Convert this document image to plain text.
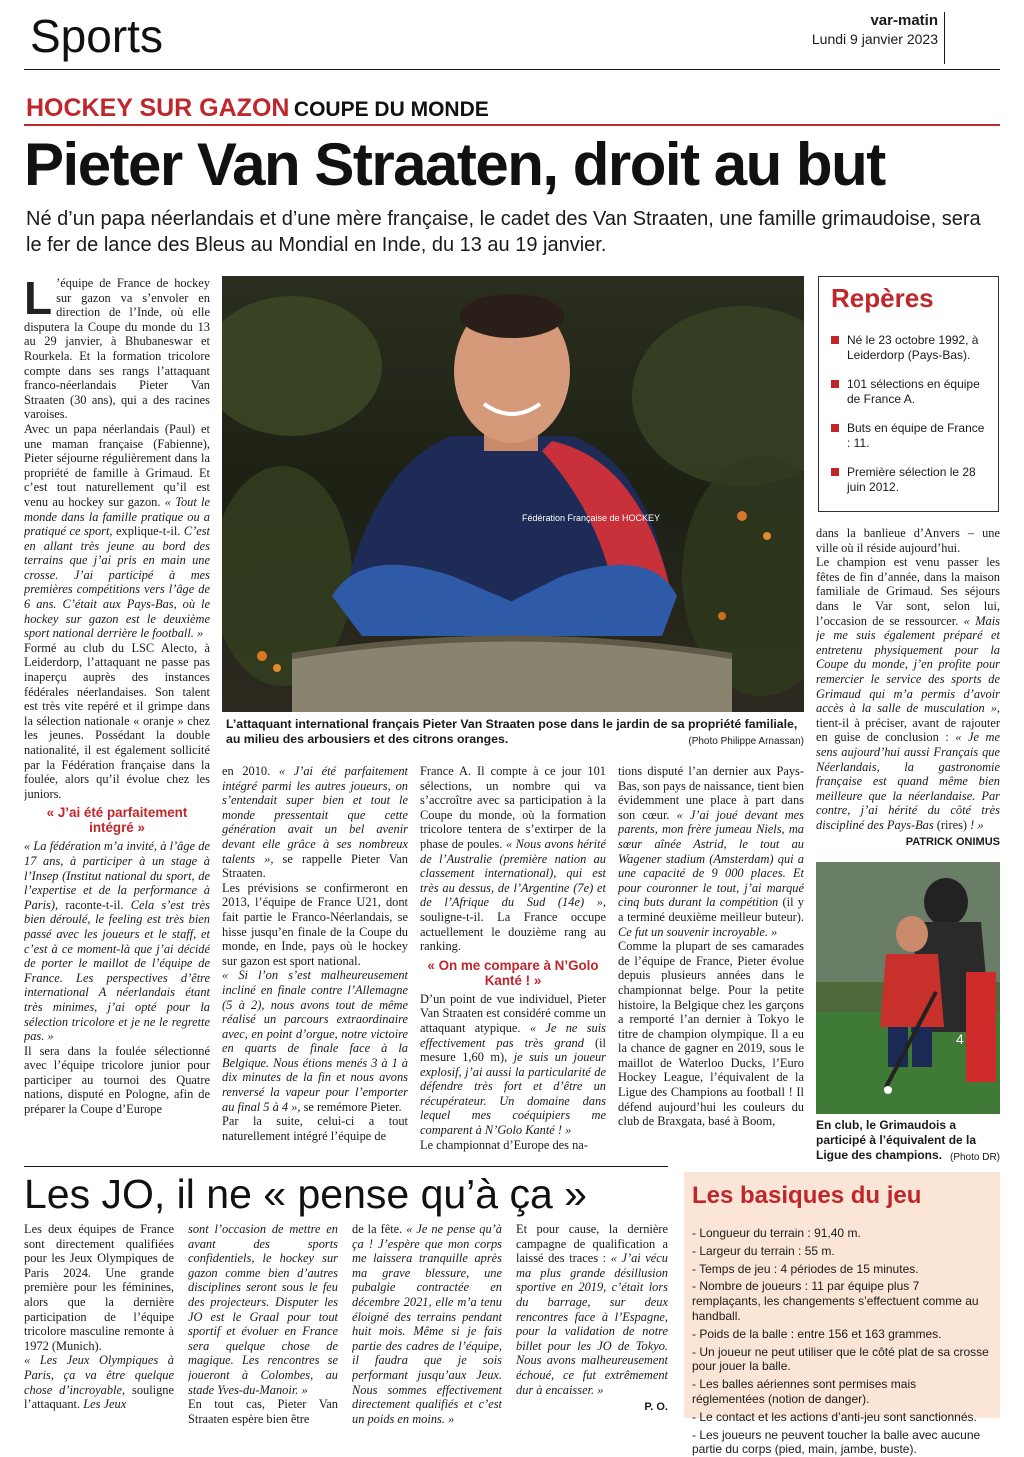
Sports	var-matin
Lundi 9 janvier 2023
HOCKEY SUR GAZON COUPE DU MONDE
Pieter Van Straaten, droit au but
Né d’un papa néerlandais et d’une mère française, le cadet des Van Straaten, une famille grimaudoise, sera le fer de lance des Bleus au Mondial en Inde, du 13 au 19 janvier.
Fédération Française de HOCKEY
L’attaquant international français Pieter Van Straaten pose dans le jardin de sa propriété familiale, au milieu des arbousiers et des citrons oranges.	(Photo Philippe Arnassan)
Repères
Né le 23 octobre 1992, à Leiderdorp (Pays-Bas).
101 sélections en équipe de France A.
Buts en équipe de France : 11.
Première sélection le 28 juin 2012.

L ’équipe de France de hockey sur gazon va s’envoler en direction de l’Inde, où elle disputera la Coupe du monde du 13 au 29 janvier, à Bhubaneswar et Rourkela. Et la formation tricolore compte dans ses rangs l’attaquant franco-néerlandais Pieter Van Straaten (30 ans), qui a des racines varoises.

Avec un papa néerlandais (Paul) et une maman française (Fabienne), Pieter séjourne régulièrement dans la propriété de famille à Grimaud. Et c’est tout naturellement qu’il est venu au hockey sur gazon. « Tout le monde dans la famille pratique ou a pratiqué ce sport, explique-t-il. C’est en allant très jeune au bord des terrains que j’ai pris en main une crosse. J’ai participé à mes premières compétitions vers l’âge de 6 ans. C’était aux Pays-Bas, où le hockey sur gazon est le deuxième sport national derrière le football. »

Formé au club du LSC Alecto, à Leiderdorp, l’attaquant ne passe pas inaperçu auprès des instances fédérales néerlandaises. Son talent est très vite repéré et il grimpe dans la sélection nationale « oranje » chez les jeunes. Possédant la double nationalité, il est également sollicité par la Fédération française dans la foulée, alors qu’il évolue chez les juniors.

« J’ai été parfaitement intégré »

« La fédération m’a invité, à l’âge de 17 ans, à participer à un stage à l’Insep (Institut national du sport, de l’expertise et de la performance à Paris), raconte-t-il. Cela s’est très bien déroulé, le feeling est très bien passé avec les joueurs et le staff, et c’est à ce moment-là que j’ai décidé de porter le maillot de l’équipe de France. Les perspectives d’être international A néerlandais étant très minimes, j’ai opté pour la sélection tricolore et je ne le regrette pas. »

Il sera dans la foulée sélectionné avec l’équipe tricolore junior pour participer au tournoi des Quatre nations, disputé en Pologne, afin de préparer la Coupe d’Europe

en 2010. « J’ai été parfaitement intégré parmi les autres joueurs, on s’entendait super bien et tout le monde pressentait que cette génération avait un bel avenir devant elle grâce à ses nombreux talents », se rappelle Pieter Van Straaten.

Les prévisions se confirmeront en 2013, l’équipe de France U21, dont fait partie le Franco-Néerlandais, se hisse jusqu’en finale de la Coupe du monde, en Inde, pays où le hockey sur gazon est sport national.

« Si l’on s’est malheureusement incliné en finale contre l’Allemagne (5 à 2), nous avons tout de même réalisé un parcours extraordinaire avec, en point d’orgue, notre victoire en quarts de finale face à la Belgique. Nous étions menés 3 à 1 à dix minutes de la fin et nous avons renversé la vapeur pour l’emporter au final 5 à 4 », se remémore Pieter.

Par la suite, celui-ci a tout naturellement intégré l’équipe de

France A. Il compte à ce jour 101 sélections, un nombre qui va s’accroître avec sa participation à la Coupe du monde, où la formation tricolore tentera de s’extirper de la phase de poules. « Nous avons hérité de l’Australie (première nation au classement international), qui est très au dessus, de l’Argentine (7e) et de l’Afrique du Sud (14e) », souligne-t-il. La France occupe actuellement le douzième rang au ranking.

« On me compare à N’Golo Kanté ! »

D’un point de vue individuel, Pieter Van Straaten est considéré comme un attaquant atypique. « Je ne suis effectivement pas très grand (il mesure 1,60 m), je suis un joueur explosif, j’ai aussi la particularité de défendre très fort et d’être un récupérateur. Un domaine dans lequel mes coéquipiers me comparent à N’Golo Kanté ! »

Le championnat d’Europe des na-

tions disputé l’an dernier aux Pays-Bas, son pays de naissance, tient bien évidemment une place à part dans son cœur. « J’ai joué devant mes parents, mon frère jumeau Niels, ma sœur aînée Astrid, le tout au Wagener stadium (Amsterdam) qui a une capacité de 9 000 places. Et pour couronner le tout, j’ai marqué cinq buts durant la compétition (il y a terminé deuxième meilleur buteur). Ce fut un souvenir incroyable. »

Comme la plupart de ses camarades de l’équipe de France, Pieter évolue depuis plusieurs années dans le championnat belge. Pour la petite histoire, la Belgique chez les garçons a remporté l’an dernier à Tokyo le titre de champion olympique. Il a eu la chance de gagner en 2019, sous le maillot de Waterloo Ducks, l’Euro Hockey League, l’équivalent de la Ligue des Champions au football ! Il défend aujourd’hui les couleurs du club de Braxgata, basé à Boom,

dans la banlieue d’Anvers – une ville où il réside aujourd’hui.

Le champion est venu passer les fêtes de fin d’année, dans la maison familiale de Grimaud. Ses séjours dans le Var sont, selon lui, l’occasion de se ressourcer. « Mais je me suis également préparé et entretenu physiquement pour la Coupe du monde, j’en profite pour remercier le service des sports de Grimaud qui m’a permis d’avoir accès à la salle de musculation », tient-il à préciser, avant de rajouter en guise de conclusion : « Je me sens aujourd’hui aussi Français que Néerlandais, la gastronomie française est quand même bien meilleure que la néerlandaise. Par contre, j’ai hérité du côté très discipliné des Pays-Bas (rires) ! »

PATRICK ONIMUS
4
En club, le Grimaudois a participé à l’équivalent de la Ligue des champions. (Photo DR)
Les JO, il ne « pense qu’à ça »

Les deux équipes de France sont directement qualifiées pour les Jeux Olympiques de Paris 2024. Une grande première pour les féminines, alors que la dernière participation de l’équipe tricolore masculine remonte à 1972 (Munich).

« Les Jeux Olympiques à Paris, ça va être quelque chose d’incroyable, souligne l’attaquant. Les Jeux

sont l’occasion de mettre en avant des sports confidentiels, le hockey sur gazon comme bien d’autres disciplines seront sous le feu des projecteurs. Disputer les JO est le Graal pour tout sportif et évoluer en France sera quelque chose de magique. Les rencontres se joueront à Colombes, au stade Yves-du-Manoir. »

En tout cas, Pieter Van Straaten espère bien être

de la fête. « Je ne pense qu’à ça ! J’espère que mon corps me laissera tranquille après ma grave blessure, une pubalgie contractée en décembre 2021, elle m’a tenu éloigné des terrains pendant huit mois. Même si je fais partie des cadres de l’équipe, il faudra que je sois performant jusqu’aux Jeux. Nous sommes effectivement directement qualifiés et c’est un poids en moins. »

Et pour cause, la dernière campagne de qualification a laissé des traces : « J’ai vécu ma plus grande désillusion sportive en 2019, c’était lors du barrage, sur deux rencontres face à l’Espagne, pour la validation de notre billet pour les JO de Tokyo. Nous avons malheureusement échoué, ce fut extrêmement dur à encaisser. »

P. O.
Les basiques du jeu
- Longueur du terrain : 91,40 m.
- Largeur du terrain : 55 m.
- Temps de jeu : 4 périodes de 15 minutes.
- Nombre de joueurs : 11 par équipe plus 7 remplaçants, les changements s’effectuent comme au handball.
- Poids de la balle : entre 156 et 163 grammes.
- Un joueur ne peut utiliser que le côté plat de sa crosse pour jouer la balle.
- Les balles aériennes sont permises mais réglementées (notion de danger).
- Le contact et les actions d’anti-jeu sont sanctionnés.
- Les joueurs ne peuvent toucher la balle avec aucune partie du corps (pied, main, jambe, buste).
